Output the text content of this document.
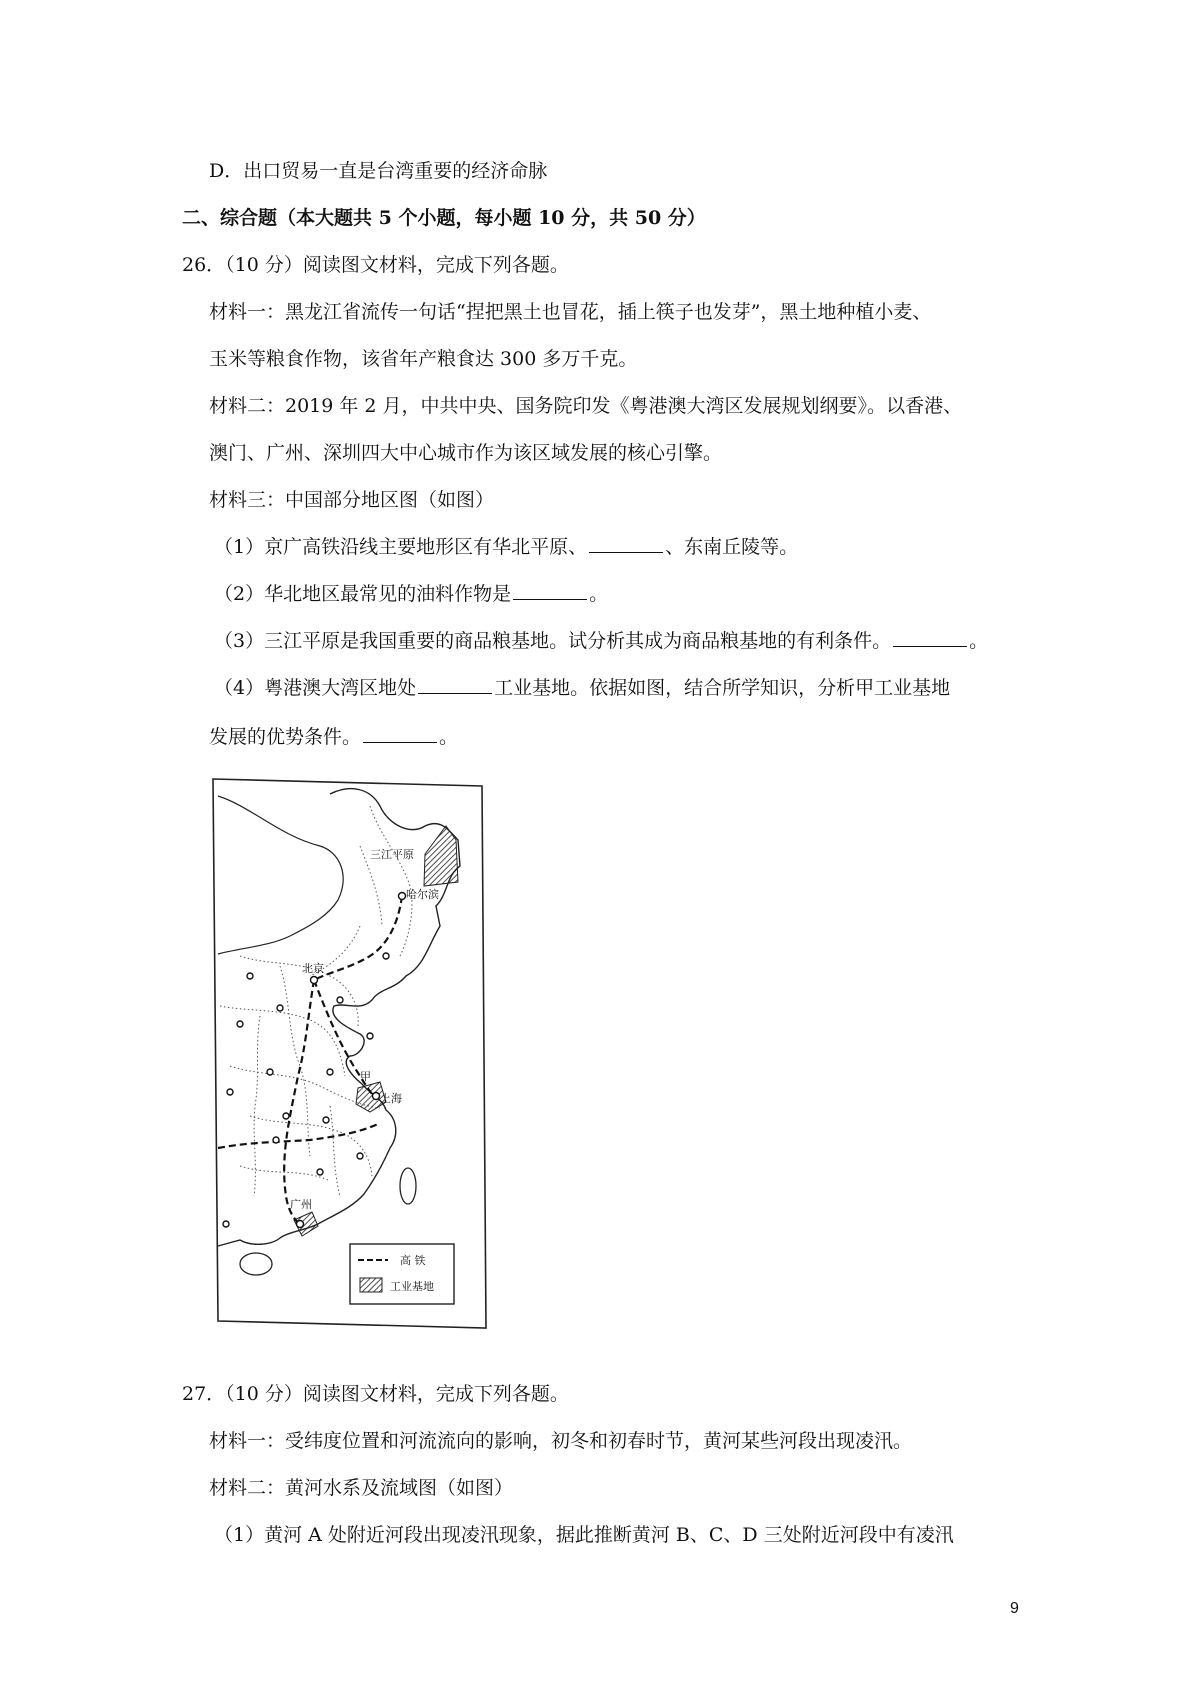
D．出口贸易一直是台湾重要的经济命脉
二、综合题（本大题共 5 个小题，每小题 10 分，共 50 分）
26．（10 分）阅读图文材料，完成下列各题。
材料一：黑龙江省流传一句话“捏把黑土也冒花，插上筷子也发芽”，黑土地种植小麦、
玉米等粮食作物，该省年产粮食达 300 多万千克。
材料二：2019 年 2 月，中共中央、国务院印发《粤港澳大湾区发展规划纲要》。以香港、
澳门、广州、深圳四大中心城市作为该区域发展的核心引擎。
材料三：中国部分地区图（如图）
（1）京广高铁沿线主要地形区有华北平原、	、东南丘陵等。
（2）华北地区最常见的油料作物是	。
（3）三江平原是我国重要的商品粮基地。试分析其成为商品粮基地的有利条件。	。
（4）粤港澳大湾区地处	工业基地。依据如图，结合所学知识，分析甲工业基地
发展的优势条件。	。
三江平原
哈尔滨
北京
甲
上海
广州
高 铁
工业基地
27．（10 分）阅读图文材料，完成下列各题。
材料一：受纬度位置和河流流向的影响，初冬和初春时节，黄河某些河段出现凌汛。
材料二：黄河水系及流域图（如图）
（1）黄河 A 处附近河段出现凌汛现象，据此推断黄河 B、C、D 三处附近河段中有凌汛
9
